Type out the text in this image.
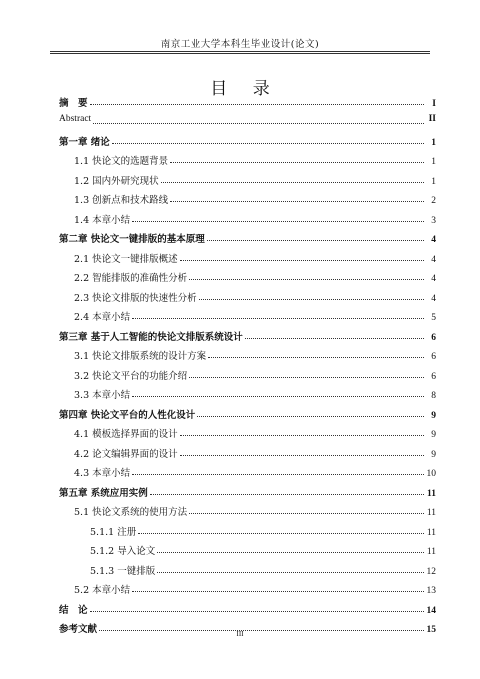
南京工业大学本科生毕业设计(论文)
目 录
摘　要	I
Abstract	II
第一章 绪论	1
1.1 快论文的选题背景	1
1.2 国内外研究现状	1
1.3 创新点和技术路线	2
1.4 本章小结	3
第二章 快论文一键排版的基本原理	4
2.1 快论文一键排版概述	4
2.2 智能排版的准确性分析	4
2.3 快论文排版的快速性分析	4
2.4 本章小结	5
第三章 基于人工智能的快论文排版系统设计	6
3.1 快论文排版系统的设计方案	6
3.2 快论文平台的功能介绍	6
3.3 本章小结	8
第四章 快论文平台的人性化设计	9
4.1 模板选择界面的设计	9
4.2 论文编辑界面的设计	9
4.3 本章小结	10
第五章 系统应用实例	11
5.1 快论文系统的使用方法	11
5.1.1 注册	11
5.1.2 导入论文	11
5.1.3 一键排版	12
5.2 本章小结	13
结　论	14
参考文献	15
III
